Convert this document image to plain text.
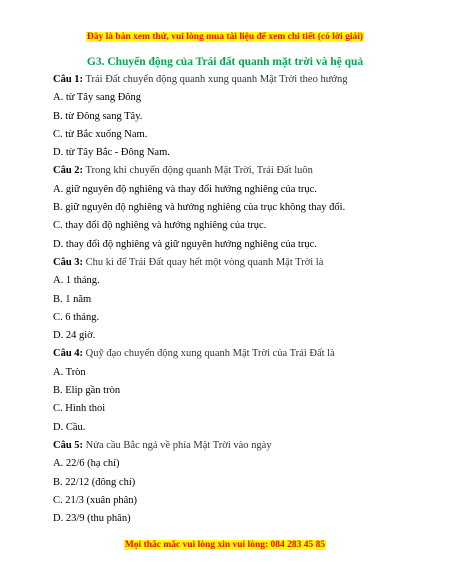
Đây là bản xem thử, vui lòng mua tài liệu để xem chi tiết (có lời giải)
G3. Chuyển động của Trái đất quanh mặt trời và hệ quả
Câu 1: Trái Đất chuyển động quanh xung quanh Mặt Trời theo hướng
A. từ Tây sang Đông
B. từ Đông sang Tây.
C. từ Bắc xuống Nam.
D. từ Tây Bắc - Đông Nam.
Câu 2: Trong khi chuyển động quanh Mặt Trời, Trái Đất luôn
A. giữ nguyên độ nghiêng và thay đổi hướng nghiêng của trục.
B. giữ nguyên độ nghiêng và hướng nghiêng của trục không thay đổi.
C. thay đổi độ nghiêng và hướng nghiêng của trục.
D. thay đổi độ nghiêng và giữ nguyên hướng nghiêng của trục.
Câu 3: Chu kì để Trái Đất quay hết một vòng quanh Mặt Trời là
A. 1 tháng.
B. 1 năm
C. 6 tháng.
D. 24 giờ.
Câu 4: Quỹ đạo chuyển động xung quanh Mặt Trời của Trái Đất là
A. Tròn
B. Elip gần tròn
C. Hình thoi
D. Cầu.
Câu 5: Nửa cầu Bắc ngả về phía Mặt Trời vào ngày
A. 22/6 (hạ chí)
B. 22/12 (đông chí)
C. 21/3 (xuân phân)
D. 23/9 (thu phân)
Mọi thắc mắc vui lòng xin vui lòng: 084 283 45 85
